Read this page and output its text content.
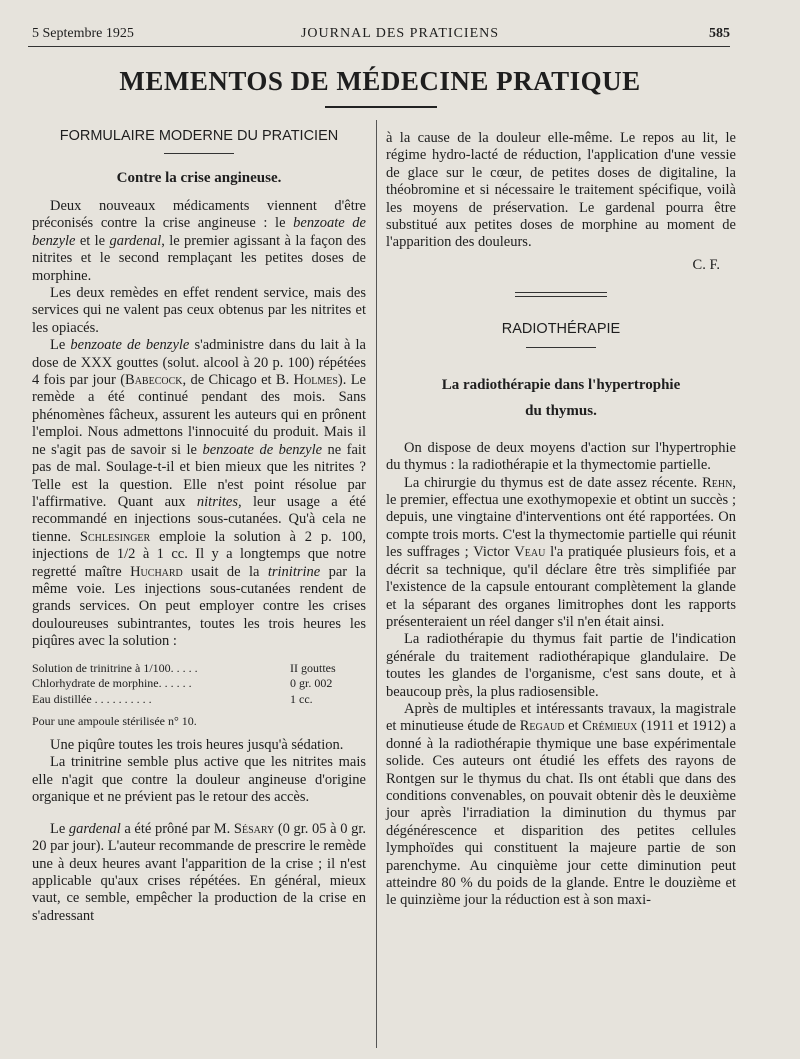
5 Septembre 1925	JOURNAL DES PRATICIENS	585
MEMENTOS DE MÉDECINE PRATIQUE
FORMULAIRE MODERNE DU PRATICIEN
Contre la crise angineuse.

Deux nouveaux médicaments viennent d'être préconisés contre la crise angineuse : le benzoate de benzyle et le gardenal, le premier agissant à la façon des nitrites et le second remplaçant les petites doses de morphine.

Les deux remèdes en effet rendent service, mais des services qui ne valent pas ceux obtenus par les nitrites et les opiacés.

Le benzoate de benzyle s'administre dans du lait à la dose de XXX gouttes (solut. alcool à 20 p. 100) répétées 4 fois par jour (Babecock, de Chicago et B. Holmes). Le remède a été continué pendant des mois. Sans phénomènes fâcheux, assurent les auteurs qui en prônent l'emploi. Nous admettons l'innocuité du produit. Mais il ne s'agit pas de savoir si le benzoate de benzyle ne fait pas de mal. Soulage-t-il et bien mieux que les nitrites ? Telle est la question. Elle n'est point résolue par l'affirmative. Quant aux nitrites, leur usage a été recommandé en injections sous-cutanées. Qu'à cela ne tienne. Schlesinger emploie la solution à 2 p. 100, injections de 1/2 à 1 cc. Il y a longtemps que notre regretté maître Huchard usait de la trinitrine par la même voie. Les injections sous-cutanées rendent de grands services. On peut employer contre les crises douloureuses subintrantes, toutes les trois heures les piqûres avec la solution :

Solution de trinitrine à 1/100. . . . .	II gouttes
Chlorhydrate de morphine. . . . . .	0 gr. 002
Eau distillée . . . . . . . . . .	1 cc.
Pour une ampoule stérilisée n° 10.

Une piqûre toutes les trois heures jusqu'à sédation.

La trinitrine semble plus active que les nitrites mais elle n'agit que contre la douleur angineuse d'origine organique et ne prévient pas le retour des accès.

Le gardenal a été prôné par M. Sésary (0 gr. 05 à 0 gr. 20 par jour). L'auteur recommande de prescrire le remède une à deux heures avant l'apparition de la crise ; il n'est applicable qu'aux crises répétées. En général, mieux vaut, ce semble, empêcher la production de la crise en s'adressant

à la cause de la douleur elle-même. Le repos au lit, le régime hydro-lacté de réduction, l'application d'une vessie de glace sur le cœur, de petites doses de digitaline, la théobromine et si nécessaire le traitement spécifique, voilà les moyens de préservation. Le gardenal pourra être substitué aux petites doses de morphine au moment de l'apparition des douleurs.

C. F.
RADIOTHÉRAPIE
La radiothérapie dans l'hypertrophie
du thymus.

On dispose de deux moyens d'action sur l'hypertrophie du thymus : la radiothérapie et la thymectomie partielle.

La chirurgie du thymus est de date assez récente. Rehn, le premier, effectua une exothymopexie et obtint un succès ; depuis, une vingtaine d'interventions ont été rapportées. On compte trois morts. C'est la thymectomie partielle qui réunit les suffrages ; Victor Veau l'a pratiquée plusieurs fois, et a décrit sa technique, qu'il déclare être très simplifiée par l'existence de la capsule entourant complètement la glande et la séparant des organes limitrophes dont les rapports présenteraient un réel danger s'il n'en était ainsi.

La radiothérapie du thymus fait partie de l'indication générale du traitement radiothérapique glandulaire. De toutes les glandes de l'organisme, c'est sans doute, et à beaucoup près, la plus radiosensible.

Après de multiples et intéressants travaux, la magistrale et minutieuse étude de Regaud et Crémieux (1911 et 1912) a donné à la radiothérapie thymique une base expérimentale solide. Ces auteurs ont étudié les effets des rayons de Rontgen sur le thymus du chat. Ils ont établi que dans des conditions convenables, on pouvait obtenir dès le deuxième jour après l'irradiation la diminution du thymus par dégénérescence et disparition des petites cellules lymphoïdes qui constituent la majeure partie de son parenchyme. Au cinquième jour cette diminution peut atteindre 80 % du poids de la glande. Entre le douzième et le quinzième jour la réduction est à son maxi-
